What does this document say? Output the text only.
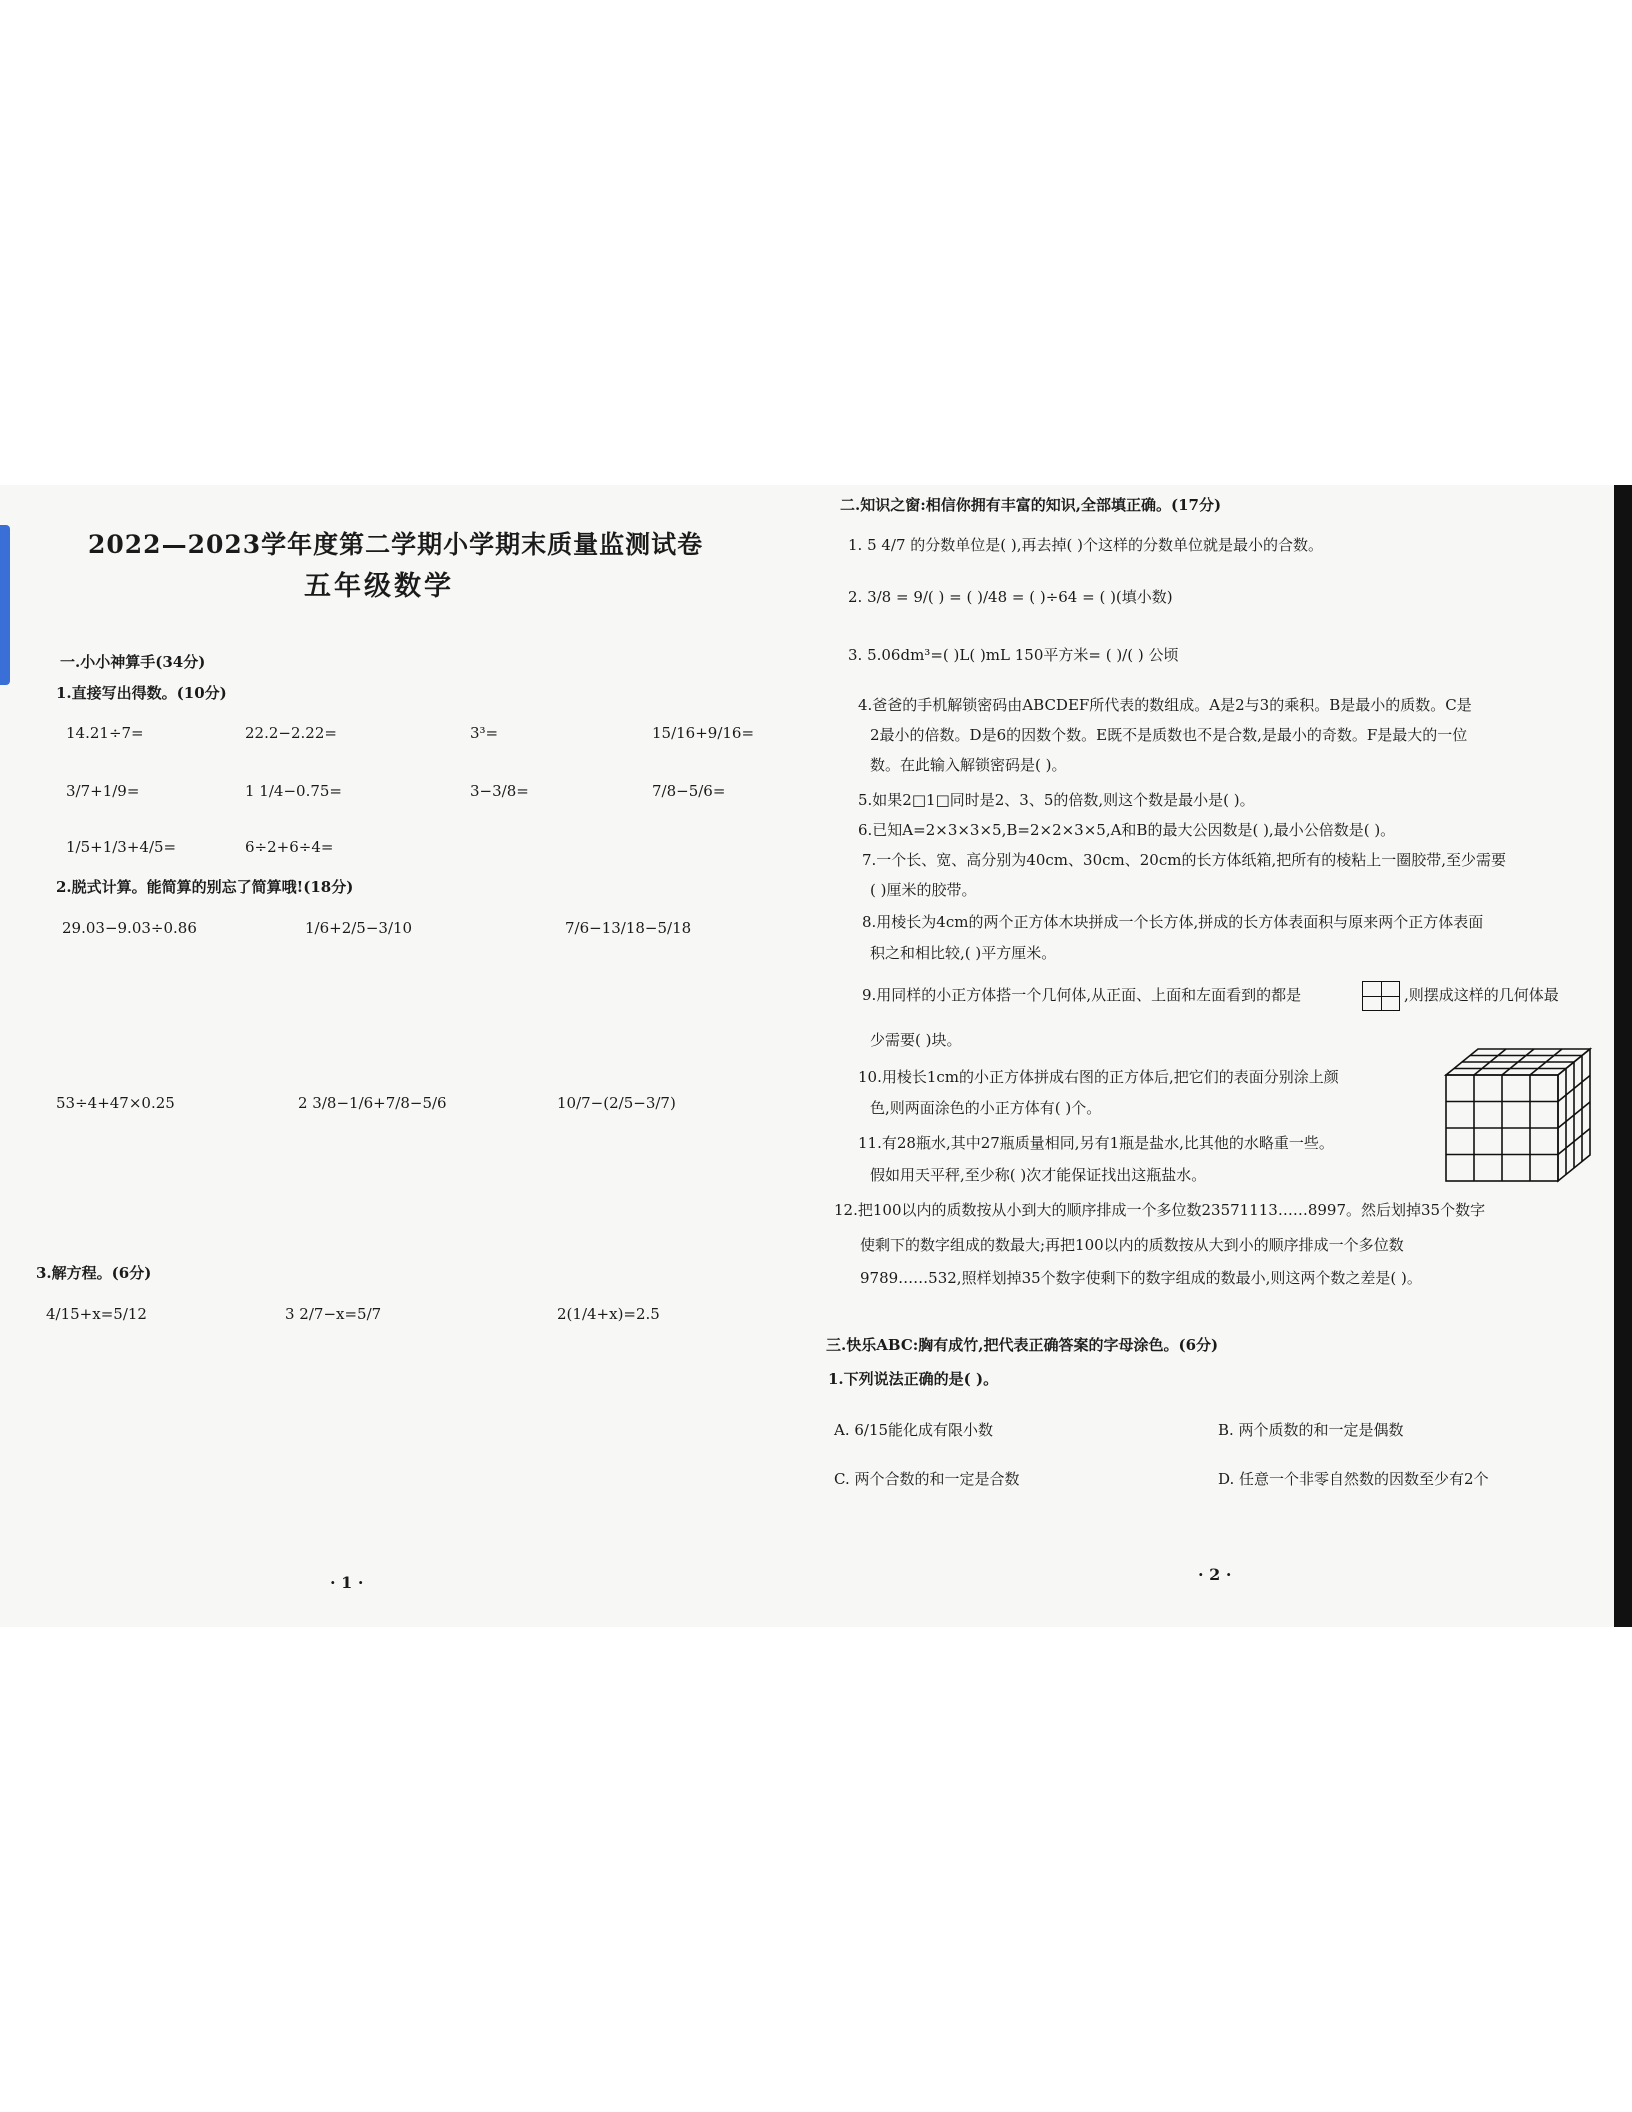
2022—2023学年度第二学期小学期末质量监测试卷
五年级数学
一.小小神算手(34分)
1.直接写出得数。(10分)
14.21÷7=	22.2−2.22=	3³=	15/16+9/16=
3/7+1/9=	1 1/4−0.75=	3−3/8=	7/8−5/6=
1/5+1/3+4/5=	6÷2+6÷4=
2.脱式计算。能简算的别忘了简算哦!(18分)
29.03−9.03÷0.86	1/6+2/5−3/10	7/6−13/18−5/18
53÷4+47×0.25	2 3/8−1/6+7/8−5/6	10/7−(2/5−3/7)
3.解方程。(6分)
4/15+x=5/12	3 2/7−x=5/7	2(1/4+x)=2.5
· 1 ·
二.知识之窗:相信你拥有丰富的知识,全部填正确。(17分)
1. 5 4/7 的分数单位是( ),再去掉( )个这样的分数单位就是最小的合数。
2. 3/8 = 9/( ) = ( )/48 = ( )÷64 = ( )(填小数)
3. 5.06dm³=( )L( )mL 150平方米= ( )/( ) 公顷
4.爸爸的手机解锁密码由ABCDEF所代表的数组成。A是2与3的乘积。B是最小的质数。C是
2最小的倍数。D是6的因数个数。E既不是质数也不是合数,是最小的奇数。F是最大的一位
数。在此输入解锁密码是( )。
5.如果2□1□同时是2、3、5的倍数,则这个数是最小是( )。
6.已知A=2×3×3×5,B=2×2×3×5,A和B的最大公因数是( ),最小公倍数是( )。
7.一个长、宽、高分别为40cm、30cm、20cm的长方体纸箱,把所有的棱粘上一圈胶带,至少需要
( )厘米的胶带。
8.用棱长为4cm的两个正方体木块拼成一个长方体,拼成的长方体表面积与原来两个正方体表面
积之和相比较,( )平方厘米。
9.用同样的小正方体搭一个几何体,从正面、上面和左面看到的都是	,则摆成这样的几何体最
少需要( )块。
10.用棱长1cm的小正方体拼成右图的正方体后,把它们的表面分别涂上颜
色,则两面涂色的小正方体有( )个。
11.有28瓶水,其中27瓶质量相同,另有1瓶是盐水,比其他的水略重一些。
假如用天平秤,至少称( )次才能保证找出这瓶盐水。
12.把100以内的质数按从小到大的顺序排成一个多位数23571113……8997。然后划掉35个数字
使剩下的数字组成的数最大;再把100以内的质数按从大到小的顺序排成一个多位数
9789……532,照样划掉35个数字使剩下的数字组成的数最小,则这两个数之差是( )。
三.快乐ABC:胸有成竹,把代表正确答案的字母涂色。(6分)
1.下列说法正确的是( )。
A. 6/15能化成有限小数	B. 两个质数的和一定是偶数
C. 两个合数的和一定是合数	D. 任意一个非零自然数的因数至少有2个
· 2 ·
